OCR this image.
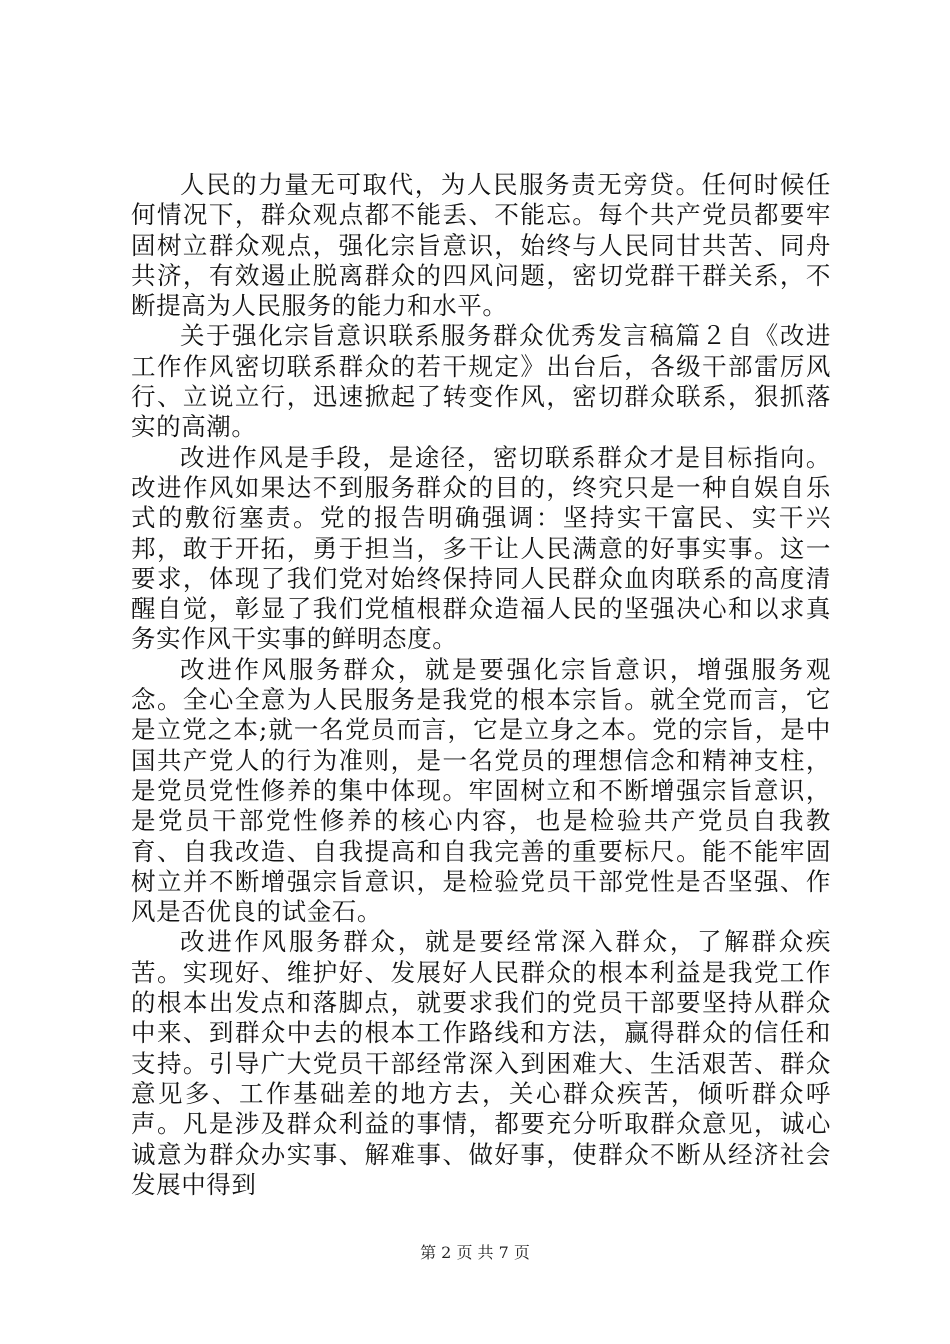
人民的力量无可取代，为人民服务责无旁贷。任何时候任何情况下，群众观点都不能丢、不能忘。每个共产党员都要牢固树立群众观点，强化宗旨意识，始终与人民同甘共苦、同舟共济，有效遏止脱离群众的四风问题，密切党群干群关系，不断提高为人民服务的能力和水平。

关于强化宗旨意识联系服务群众优秀发言稿篇２自《改进工作作风密切联系群众的若干规定》出台后，各级干部雷厉风行、立说立行，迅速掀起了转变作风，密切群众联系，狠抓落实的高潮。

改进作风是手段，是途径，密切联系群众才是目标指向。改进作风如果达不到服务群众的目的，终究只是一种自娱自乐式的敷衍塞责。党的报告明确强调：坚持实干富民、实干兴邦，敢于开拓，勇于担当，多干让人民满意的好事实事。这一要求，体现了我们党对始终保持同人民群众血肉联系的高度清醒自觉，彰显了我们党植根群众造福人民的坚强决心和以求真务实作风干实事的鲜明态度。

改进作风服务群众，就是要强化宗旨意识，增强服务观念。全心全意为人民服务是我党的根本宗旨。就全党而言，它是立党之本;就一名党员而言，它是立身之本。党的宗旨，是中国共产党人的行为准则，是一名党员的理想信念和精神支柱，是党员党性修养的集中体现。牢固树立和不断增强宗旨意识，是党员干部党性修养的核心内容，也是检验共产党员自我教育、自我改造、自我提高和自我完善的重要标尺。能不能牢固树立并不断增强宗旨意识，是检验党员干部党性是否坚强、作风是否优良的试金石。

改进作风服务群众，就是要经常深入群众，了解群众疾苦。实现好、维护好、发展好人民群众的根本利益是我党工作的根本出发点和落脚点，就要求我们的党员干部要坚持从群众中来、到群众中去的根本工作路线和方法，赢得群众的信任和支持。引导广大党员干部经常深入到困难大、生活艰苦、群众意见多、工作基础差的地方去，关心群众疾苦，倾听群众呼声。凡是涉及群众利益的事情，都要充分听取群众意见，诚心诚意为群众办实事、解难事、做好事，使群众不断从经济社会发展中得到

第 2 页 共 7 页
